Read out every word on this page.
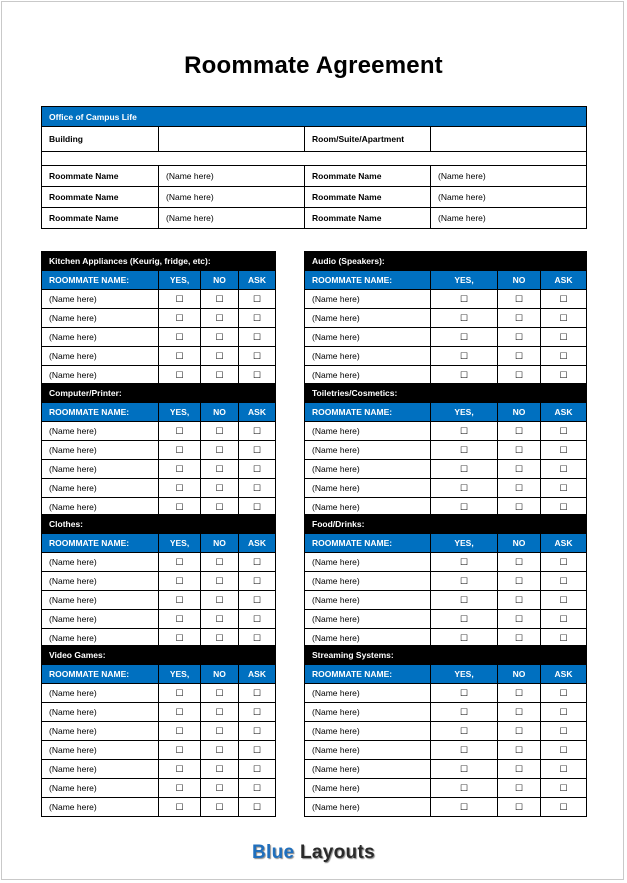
Roommate Agreement
Office of Campus Life			
Building		Room/Suite/Apartment	

Roommate Name	(Name here)	Roommate Name	(Name here)
Roommate Name	(Name here)	Roommate Name	(Name here)
Roommate Name	(Name here)	Roommate Name	(Name here)
Kitchen Appliances (Keurig, fridge, etc):			
ROOMMATE NAME:	YES,	NO	ASK
(Name here)	☐	☐	☐
(Name here)	☐	☐	☐
(Name here)	☐	☐	☐
(Name here)	☐	☐	☐
(Name here)	☐	☐	☐
Audio (Speakers):			
ROOMMATE NAME:	YES,	NO	ASK
(Name here)	☐	☐	☐
(Name here)	☐	☐	☐
(Name here)	☐	☐	☐
(Name here)	☐	☐	☐
(Name here)	☐	☐	☐
Computer/Printer:			
ROOMMATE NAME:	YES,	NO	ASK
(Name here)	☐	☐	☐
(Name here)	☐	☐	☐
(Name here)	☐	☐	☐
(Name here)	☐	☐	☐
(Name here)	☐	☐	☐
Toiletries/Cosmetics:			
ROOMMATE NAME:	YES,	NO	ASK
(Name here)	☐	☐	☐
(Name here)	☐	☐	☐
(Name here)	☐	☐	☐
(Name here)	☐	☐	☐
(Name here)	☐	☐	☐
Clothes:			
ROOMMATE NAME:	YES,	NO	ASK
(Name here)	☐	☐	☐
(Name here)	☐	☐	☐
(Name here)	☐	☐	☐
(Name here)	☐	☐	☐
(Name here)	☐	☐	☐
Food/Drinks:			
ROOMMATE NAME:	YES,	NO	ASK
(Name here)	☐	☐	☐
(Name here)	☐	☐	☐
(Name here)	☐	☐	☐
(Name here)	☐	☐	☐
(Name here)	☐	☐	☐
Video Games:			
ROOMMATE NAME:	YES,	NO	ASK
(Name here)	☐	☐	☐
(Name here)	☐	☐	☐
(Name here)	☐	☐	☐
(Name here)	☐	☐	☐
(Name here)	☐	☐	☐
(Name here)	☐	☐	☐
(Name here)	☐	☐	☐
Streaming Systems:			
ROOMMATE NAME:	YES,	NO	ASK
(Name here)	☐	☐	☐
(Name here)	☐	☐	☐
(Name here)	☐	☐	☐
(Name here)	☐	☐	☐
(Name here)	☐	☐	☐
(Name here)	☐	☐	☐
(Name here)	☐	☐	☐
Blue Layouts
